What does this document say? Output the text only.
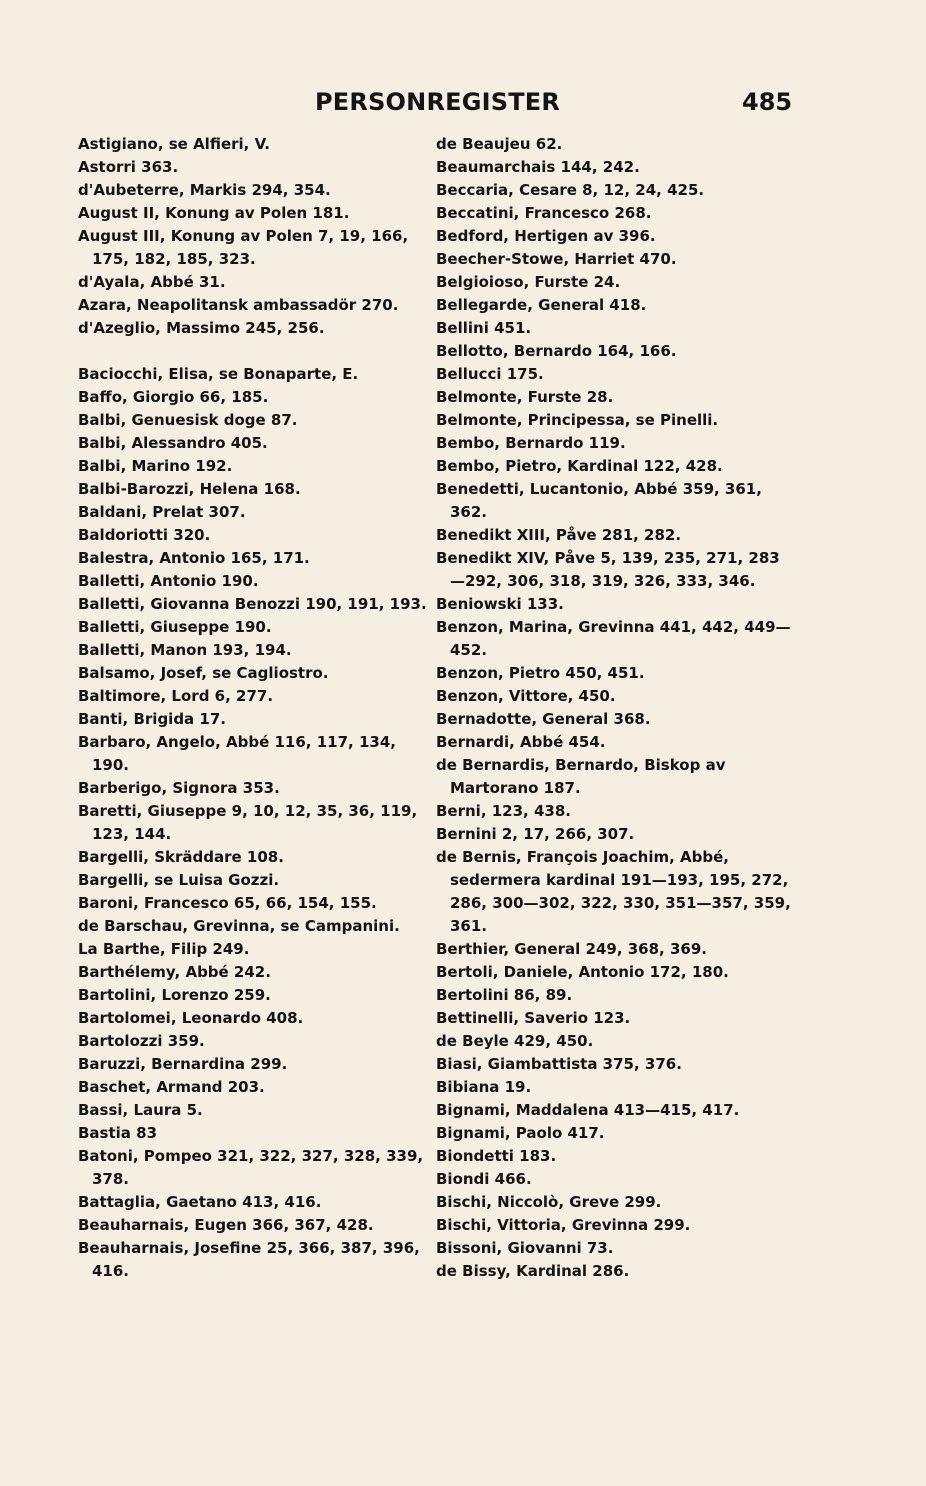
PERSONREGISTER	485
Astigiano, se Alfieri, V.
Astorri 363.
d'Aubeterre, Markis 294, 354.
August II, Konung av Polen 181.
August III, Konung av Polen 7, 19, 166, 175, 182, 185, 323.
d'Ayala, Abbé 31.
Azara, Neapolitansk ambassadör 270.
d'Azeglio, Massimo 245, 256.
Baciocchi, Elisa, se Bonaparte, E.
Baffo, Giorgio 66, 185.
Balbi, Genuesisk doge 87.
Balbi, Alessandro 405.
Balbi, Marino 192.
Balbi-Barozzi, Helena 168.
Baldani, Prelat 307.
Baldoriotti 320.
Balestra, Antonio 165, 171.
Balletti, Antonio 190.
Balletti, Giovanna Benozzi 190, 191, 193.
Balletti, Giuseppe 190.
Balletti, Manon 193, 194.
Balsamo, Josef, se Cagliostro.
Baltimore, Lord 6, 277.
Banti, Brigida 17.
Barbaro, Angelo, Abbé 116, 117, 134, 190.
Barberigo, Signora 353.
Baretti, Giuseppe 9, 10, 12, 35, 36, 119, 123, 144.
Bargelli, Skräddare 108.
Bargelli, se Luisa Gozzi.
Baroni, Francesco 65, 66, 154, 155.
de Barschau, Grevinna, se Campanini.
La Barthe, Filip 249.
Barthélemy, Abbé 242.
Bartolini, Lorenzo 259.
Bartolomei, Leonardo 408.
Bartolozzi 359.
Baruzzi, Bernardina 299.
Baschet, Armand 203.
Bassi, Laura 5.
Bastia 83
Batoni, Pompeo 321, 322, 327, 328, 339, 378.
Battaglia, Gaetano 413, 416.
Beauharnais, Eugen 366, 367, 428.
Beauharnais, Josefine 25, 366, 387, 396, 416.
de Beaujeu 62.
Beaumarchais 144, 242.
Beccaria, Cesare 8, 12, 24, 425.
Beccatini, Francesco 268.
Bedford, Hertigen av 396.
Beecher-Stowe, Harriet 470.
Belgioioso, Furste 24.
Bellegarde, General 418.
Bellini 451.
Bellotto, Bernardo 164, 166.
Bellucci 175.
Belmonte, Furste 28.
Belmonte, Principessa, se Pinelli.
Bembo, Bernardo 119.
Bembo, Pietro, Kardinal 122, 428.
Benedetti, Lucantonio, Abbé 359, 361, 362.
Benedikt XIII, Påve 281, 282.
Benedikt XIV, Påve 5, 139, 235, 271, 283—292, 306, 318, 319, 326, 333, 346.
Beniowski 133.
Benzon, Marina, Grevinna 441, 442, 449—452.
Benzon, Pietro 450, 451.
Benzon, Vittore, 450.
Bernadotte, General 368.
Bernardi, Abbé 454.
de Bernardis, Bernardo, Biskop av Martorano 187.
Berni, 123, 438.
Bernini 2, 17, 266, 307.
de Bernis, François Joachim, Abbé, sedermera kardinal 191—193, 195, 272, 286, 300—302, 322, 330, 351—357, 359, 361.
Berthier, General 249, 368, 369.
Bertoli, Daniele, Antonio 172, 180.
Bertolini 86, 89.
Bettinelli, Saverio 123.
de Beyle 429, 450.
Biasi, Giambattista 375, 376.
Bibiana 19.
Bignami, Maddalena 413—415, 417.
Bignami, Paolo 417.
Biondetti 183.
Biondi 466.
Bischi, Niccolò, Greve 299.
Bischi, Vittoria, Grevinna 299.
Bissoni, Giovanni 73.
de Bissy, Kardinal 286.
